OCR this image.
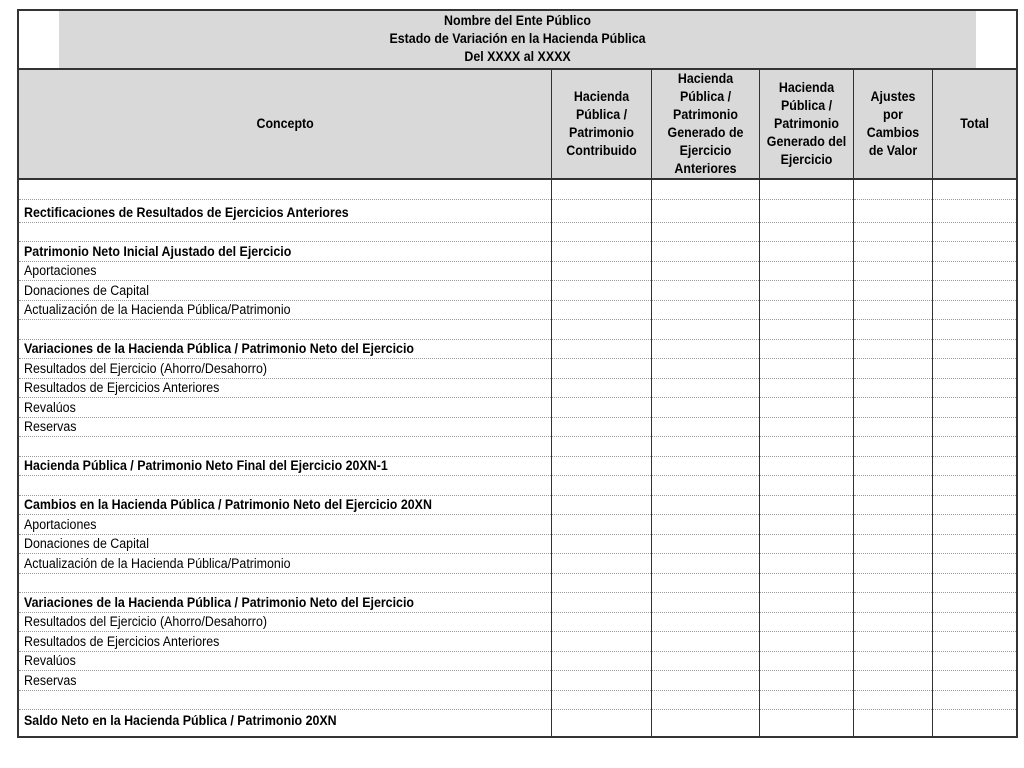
Nombre del Ente Público
Estado de Variación en la Hacienda Pública
Del XXXX al XXXX					

Concepto	Hacienda Pública / Patrimonio Contribuido	Hacienda Pública / Patrimonio Generado de Ejercicio Anteriores	Hacienda Pública / Patrimonio Generado del Ejercicio	Ajustes por Cambios de Valor	Total

Rectificaciones de Resultados de Ejercicios Anteriores					

Patrimonio Neto Inicial Ajustado del Ejercicio					
Aportaciones					
Donaciones de Capital					
Actualización de la Hacienda Pública/Patrimonio					

Variaciones de la Hacienda Pública / Patrimonio Neto del Ejercicio					
Resultados del Ejercicio (Ahorro/Desahorro)					
Resultados de Ejercicios Anteriores					
Revalúos					
Reservas					

Hacienda Pública / Patrimonio Neto Final del Ejercicio 20XN-1					

Cambios en la Hacienda Pública / Patrimonio Neto del Ejercicio 20XN					
Aportaciones					
Donaciones de Capital					
Actualización de la Hacienda Pública/Patrimonio					

Variaciones de la Hacienda Pública / Patrimonio Neto del Ejercicio					
Resultados del Ejercicio (Ahorro/Desahorro)					
Resultados de Ejercicios Anteriores					
Revalúos					
Reservas					

Saldo Neto en la Hacienda Pública / Patrimonio 20XN					
